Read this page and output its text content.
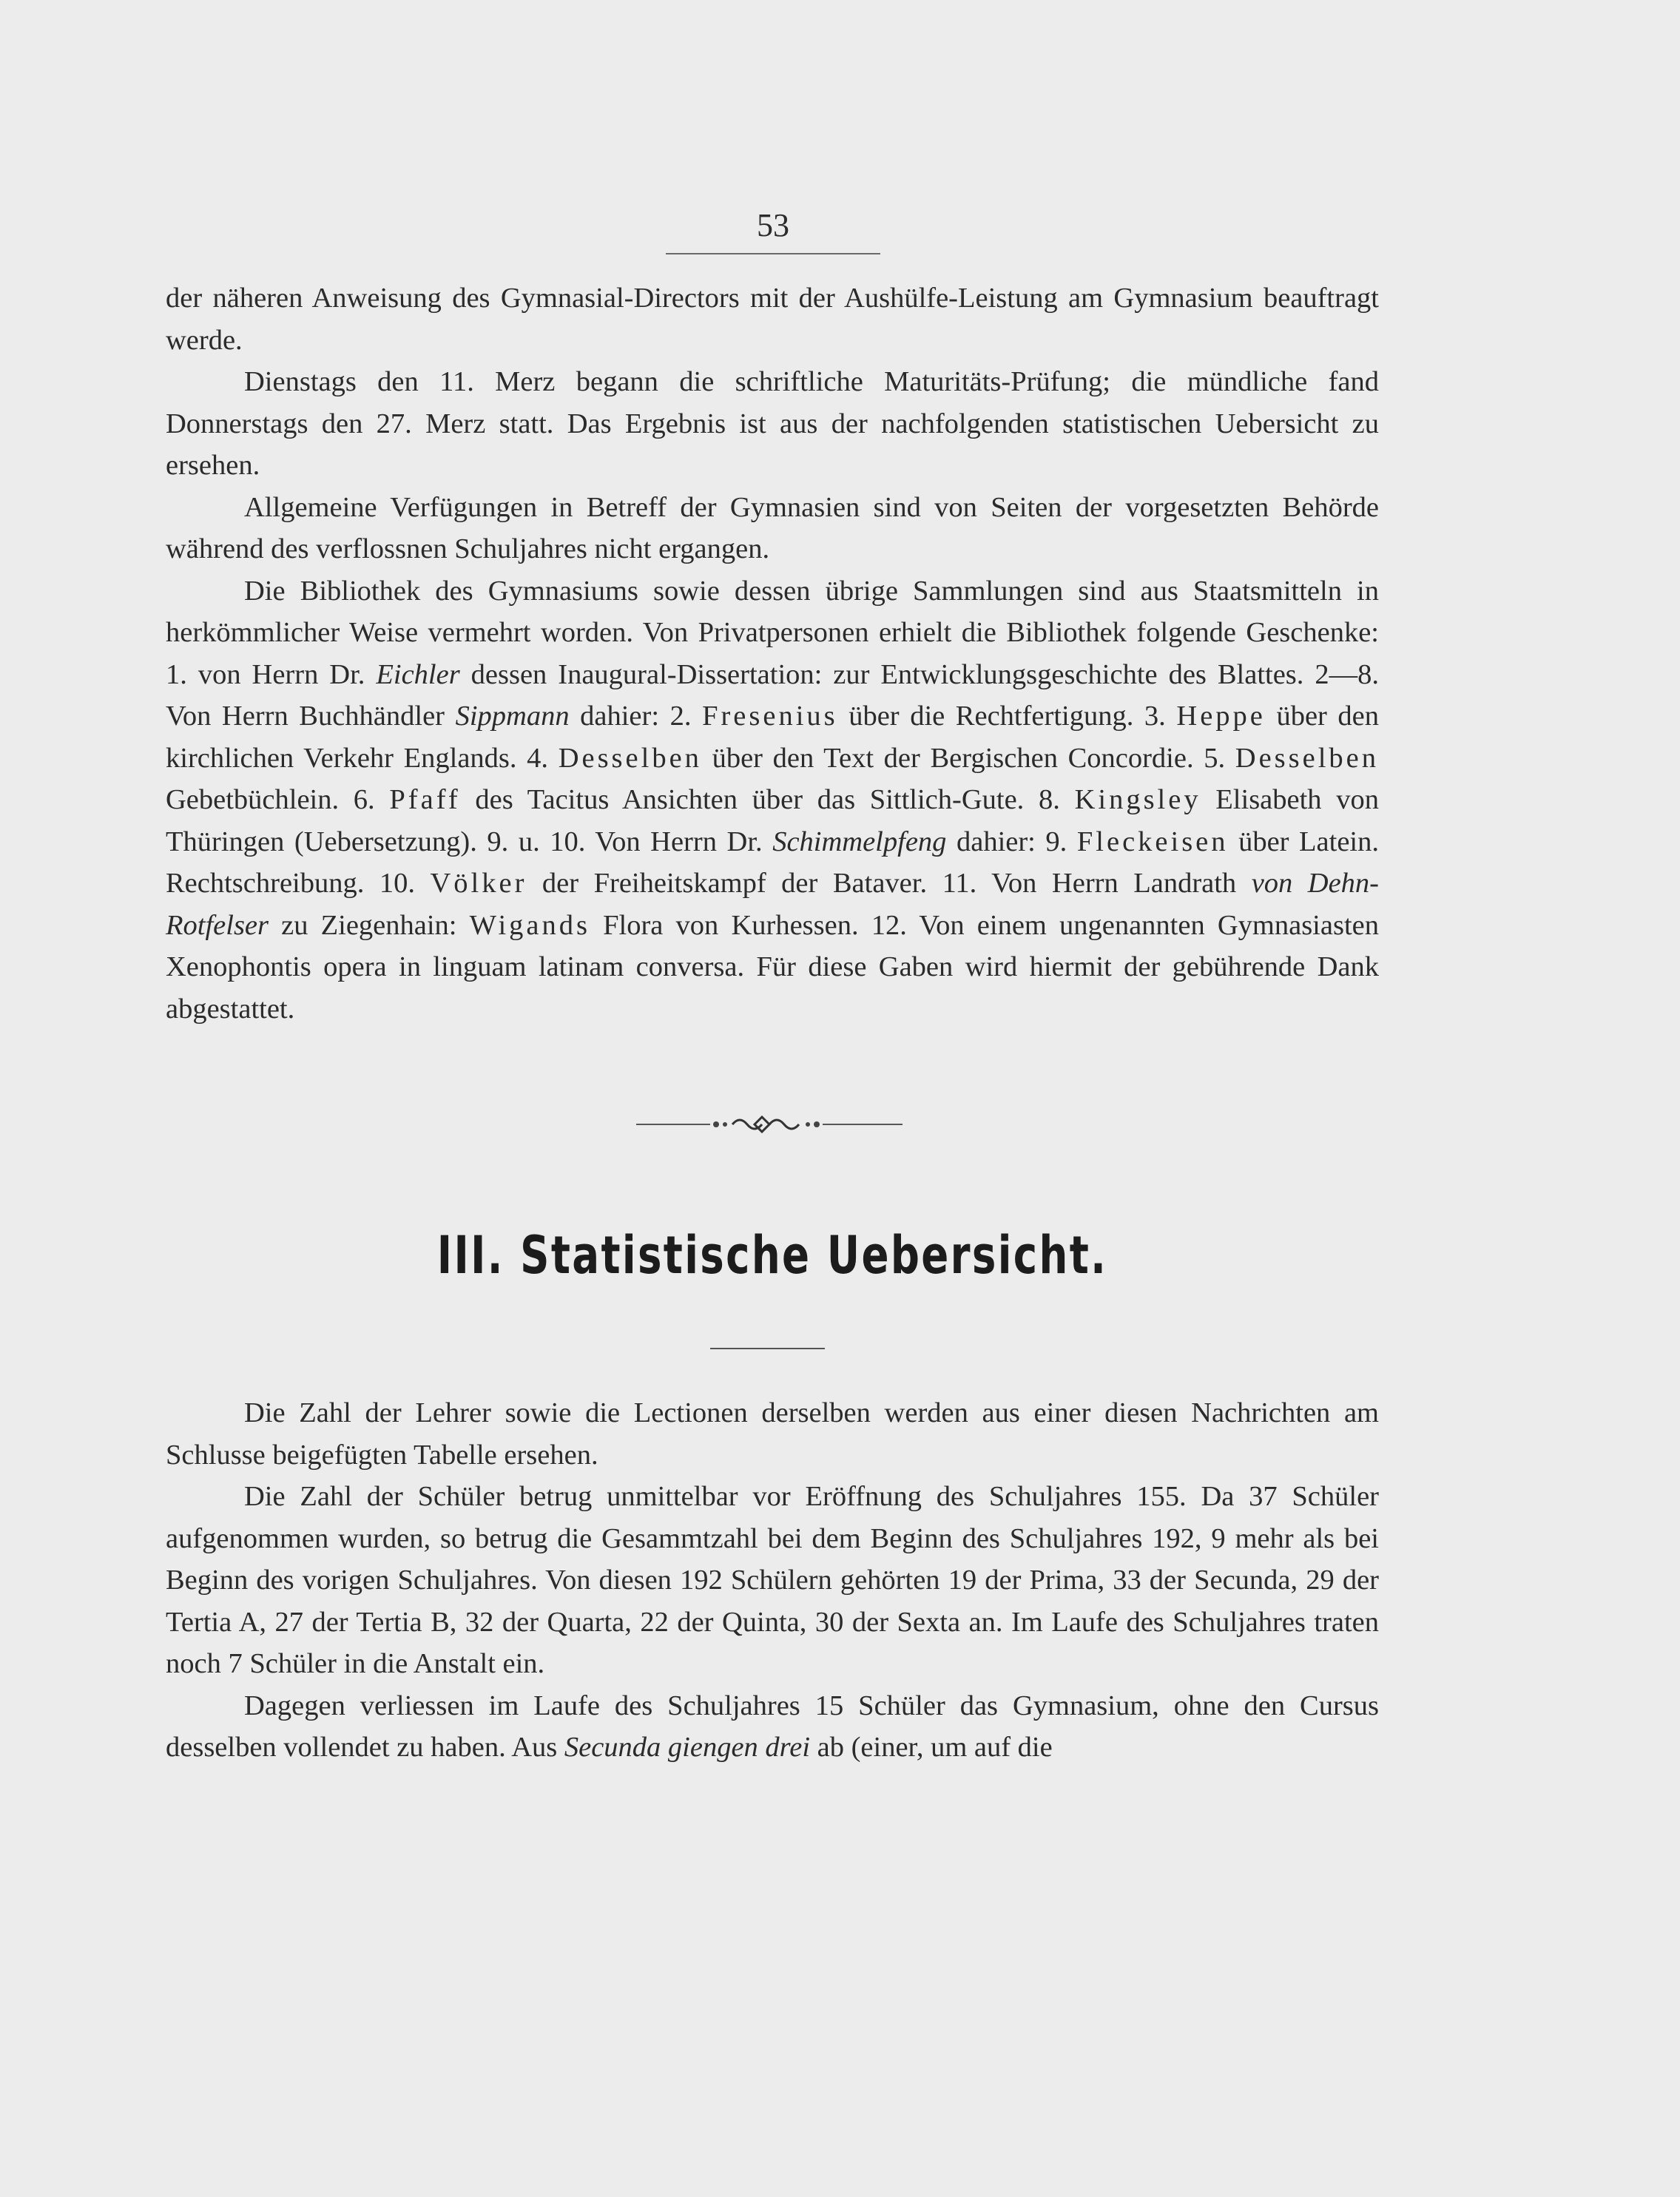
53

der näheren Anweisung des Gymnasial-Directors mit der Aushülfe-Leistung am Gymnasium beauftragt werde.

Dienstags den 11. Merz begann die schriftliche Maturitäts-Prüfung; die mündliche fand Donnerstags den 27. Merz statt. Das Ergebnis ist aus der nachfolgenden statistischen Uebersicht zu ersehen.

Allgemeine Verfügungen in Betreff der Gymnasien sind von Seiten der vorgesetzten Behörde während des verflossnen Schuljahres nicht ergangen.

Die Bibliothek des Gymnasiums sowie dessen übrige Sammlungen sind aus Staatsmitteln in herkömmlicher Weise vermehrt worden. Von Privatpersonen erhielt die Bibliothek folgende Geschenke: 1. von Herrn Dr. Eichler dessen Inaugural-Dissertation: zur Entwicklungsgeschichte des Blattes. 2—8. Von Herrn Buchhändler Sippmann dahier: 2. Fresenius über die Rechtfertigung. 3. Heppe über den kirchlichen Verkehr Englands. 4. Desselben über den Text der Bergischen Concordie. 5. Desselben Gebetbüchlein. 6. Pfaff des Tacitus Ansichten über das Sittlich-Gute. 8. Kingsley Elisabeth von Thüringen (Uebersetzung). 9. u. 10. Von Herrn Dr. Schimmelpfeng dahier: 9. Fleckeisen über Latein. Rechtschreibung. 10. Völker der Freiheitskampf der Bataver. 11. Von Herrn Landrath von Dehn-Rotfelser zu Ziegenhain: Wigands Flora von Kurhessen. 12. Von einem ungenannten Gymnasiasten Xenophontis opera in linguam latinam conversa. Für diese Gaben wird hiermit der gebührende Dank abgestattet.

III. Statistische Uebersicht.

Die Zahl der Lehrer sowie die Lectionen derselben werden aus einer diesen Nachrichten am Schlusse beigefügten Tabelle ersehen.

Die Zahl der Schüler betrug unmittelbar vor Eröffnung des Schuljahres 155. Da 37 Schüler aufgenommen wurden, so betrug die Gesammtzahl bei dem Beginn des Schuljahres 192, 9 mehr als bei Beginn des vorigen Schuljahres. Von diesen 192 Schülern gehörten 19 der Prima, 33 der Secunda, 29 der Tertia A, 27 der Tertia B, 32 der Quarta, 22 der Quinta, 30 der Sexta an. Im Laufe des Schuljahres traten noch 7 Schüler in die Anstalt ein.

Dagegen verliessen im Laufe des Schuljahres 15 Schüler das Gymnasium, ohne den Cursus desselben vollendet zu haben. Aus Secunda giengen drei ab (einer, um auf die
